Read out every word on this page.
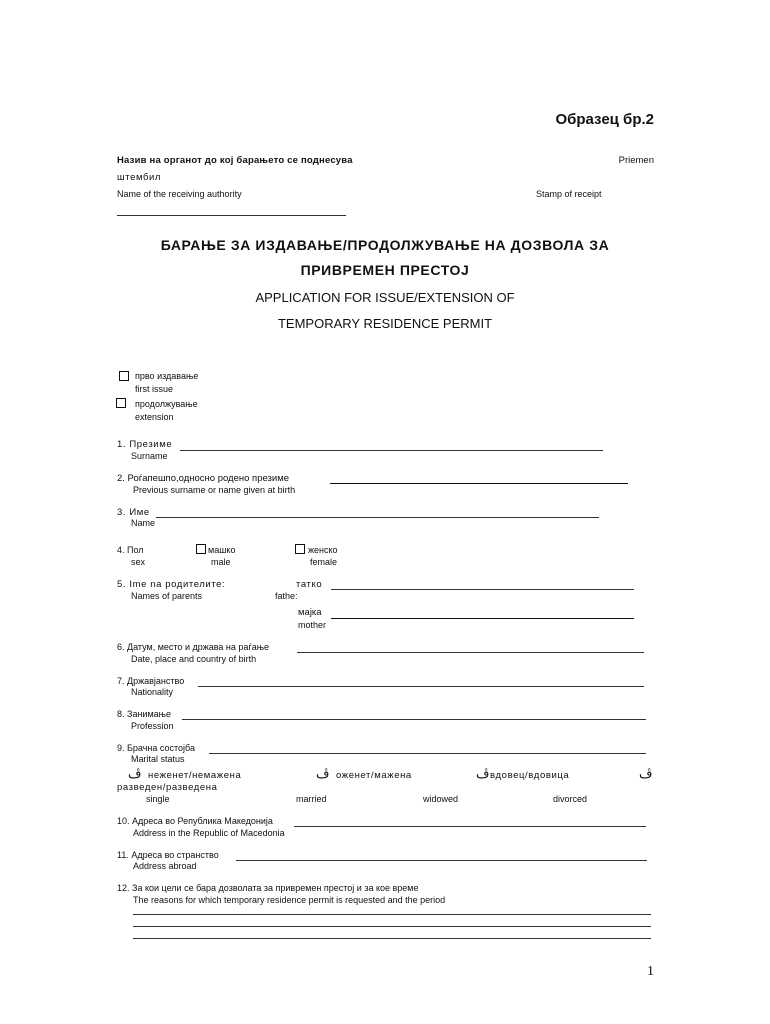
Образец бр.2
Назив на органот до кој барањето се поднесува	Priemen
штембил
Name of the receiving authority	Stamp of receipt
БАРАЊЕ ЗА ИЗДАВАЊЕ/ПРОДОЛЖУВАЊЕ НА ДОЗВОЛА ЗА
ПРИВРЕМЕН ПРЕСТОЈ
APPLICATION FOR ISSUE/EXTENSION OF
TEMPORARY RESIDENCE PERMIT
прво издавање
first issue
продолжување
extension
1. Презиме
Surname
2. Роѓaпешпо,односно родено презиме
Previous surname or name given at birth
3. Име
Name
4. Пол
sex
машко
male
женско
female
5. Ime na родителите:	татко
Names of parents	fathe:
мајка
mother
6. Датум, место и држава на раѓање
Date, place and country of birth
7. Државјанство
Nationality
8. Занимање
Profession
9. Брачна состојба
Marital status
ڤ неженет/немажена	ڤ оженет/мажена	ڤ вдовец/вдовица	ڤ
разведен/разведена
single	married	widowed	divorced
10. Адреса во Република Македонија
Address in the Republic of Macedonia
11. Адреса во странство
Address abroad
12. За кои цели се бара дозволата за привремен престој и за кое време
The reasons for which temporary residence permit is requested and the period
1
